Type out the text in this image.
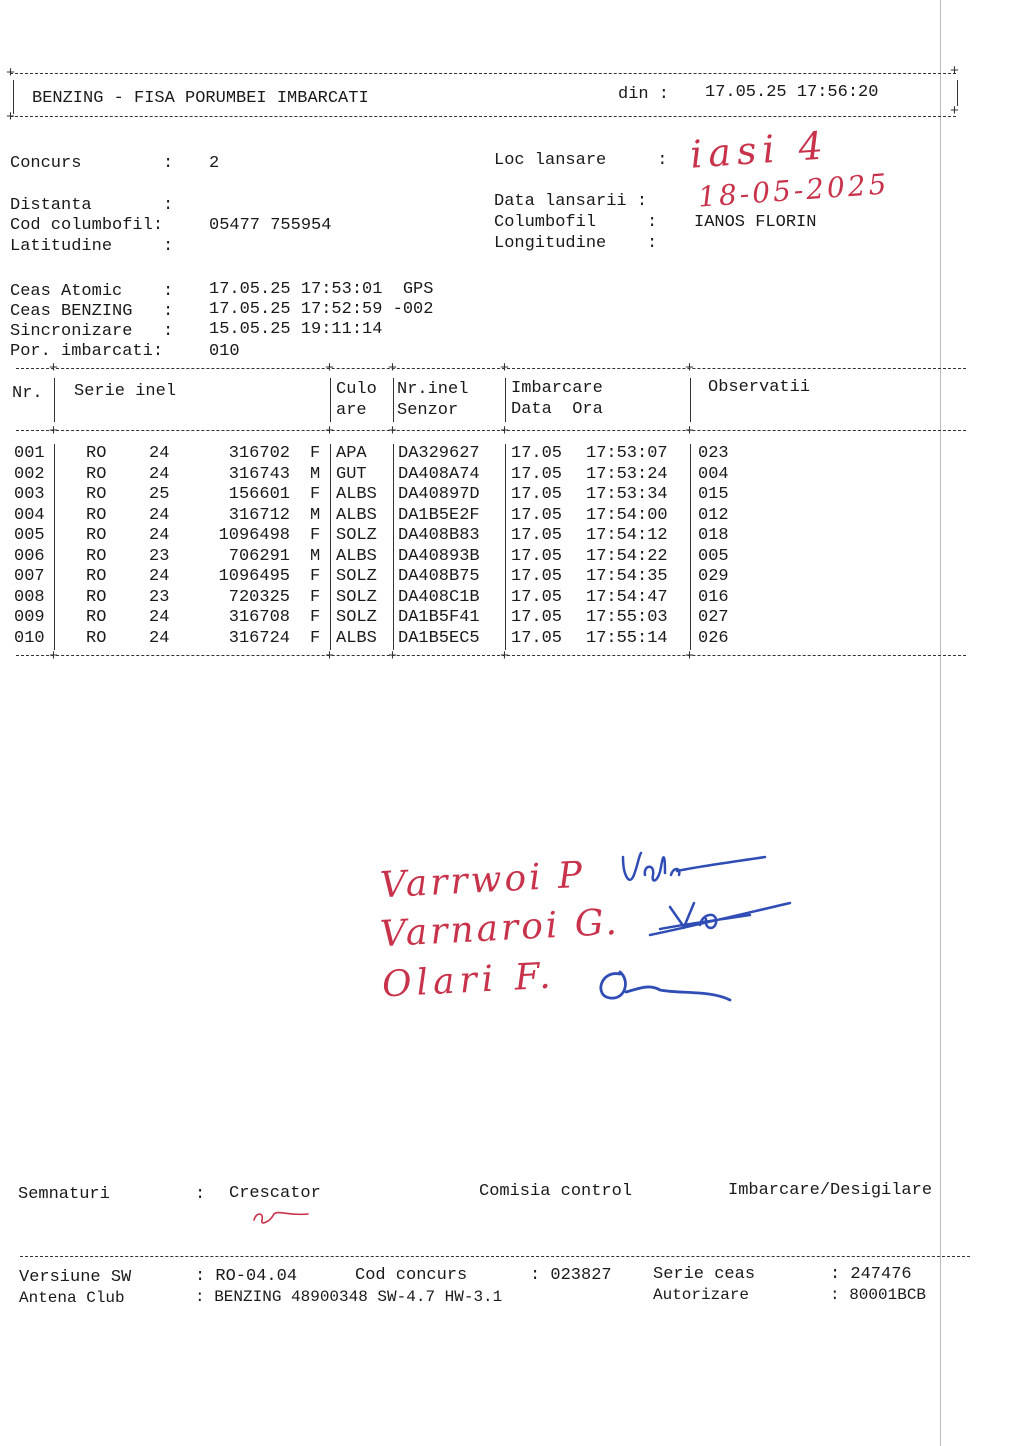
+	+
BENZING - FISA PORUMBEI IMBARCATI	din : 17.05.25 17:56:20
+	+
Concurs        : 2
Distanta       :
Cod columbofil:	05477 755954
Latitudine     :
Loc lansare     : iasi 4
Data lansarii : 18-05-2025
Columbofil     : IANOS FLORIN
Longitudine    :
Ceas Atomic    : 17.05.25 17:53:01  GPS
Ceas BENZING   : 17.05.25 17:52:59 -002
Sincronizare   : 15.05.25 19:11:14
Por. imbarcati:	010
+	+	+	+	+
Nr. Serie inel	Culo
are
Nr.inel
Senzor
Imbarcare
Data  Ora
Observatii
+	+	+	+	+
001	RO	24	316702 F APA	DA329627	17.05	17:53:07	023
002	RO	24	316743 M GUT	DA408A74	17.05	17:53:24	004
003	RO	25	156601 F ALBS	DA40897D	17.05	17:53:34	015
004	RO	24	316712 M ALBS	DA1B5E2F	17.05	17:54:00	012
005	RO	24	1096498 F SOLZ	DA408B83	17.05	17:54:12	018
006	RO	23	706291 M ALBS	DA40893B	17.05	17:54:22	005
007	RO	24	1096495 F SOLZ	DA408B75	17.05	17:54:35	029
008	RO	23	720325 F SOLZ	DA408C1B	17.05	17:54:47	016
009	RO	24	316708 F SOLZ	DA1B5F41	17.05	17:55:03	027
010	RO	24	316724 F ALBS	DA1B5EC5	17.05	17:55:14	026
+	+	+	+	+
Varrwoi P
Varnaroi G.
Olari F.
Semnaturi	: Crescator	Comisia control	Imbarcare/Desigilare
Versiune SW	: RO-04.04	Cod concurs	: 023827 Serie ceas	: 247476
Antena Club	: BENZING 48900348 SW-4.7 HW-3.1	Autorizare	: 80001BCB
